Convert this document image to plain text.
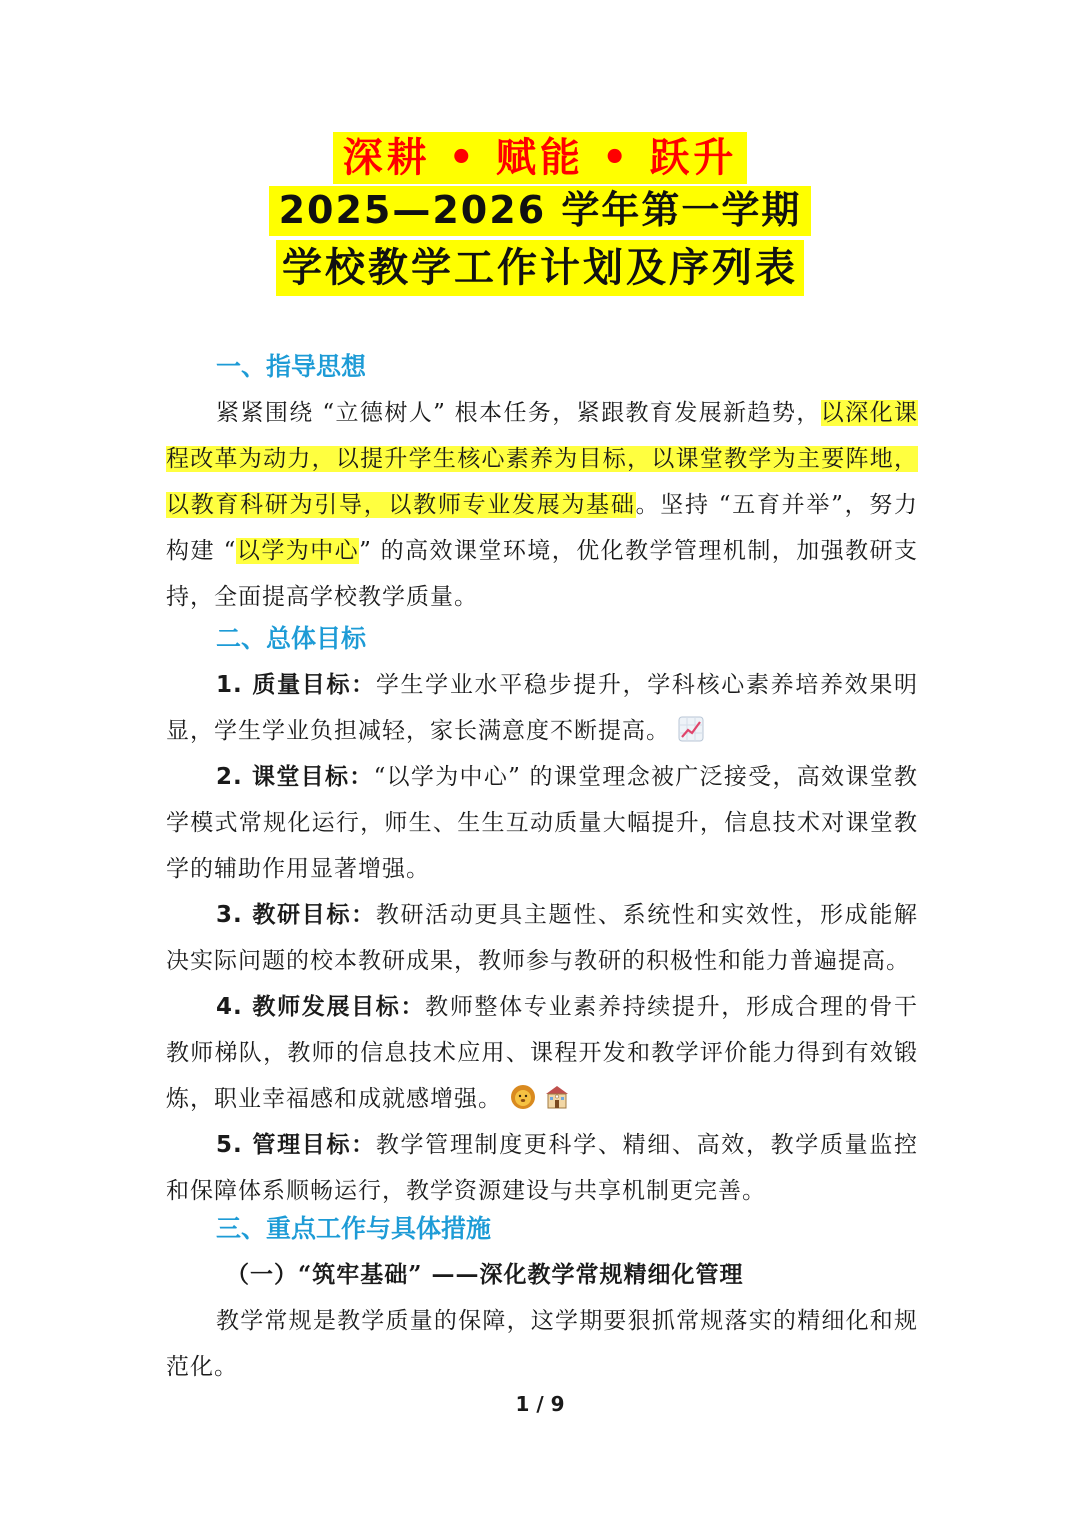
深耕 • 赋能 • 跃升
2025—2026 学年第一学期
学校教学工作计划及序列表
一、指导思想
紧紧围绕 “立德树人” 根本任务，紧跟教育发展新趋势，以深化课程改革为动力，以提升学生核心素养为目标，以课堂教学为主要阵地，以教育科研为引导，以教师专业发展为基础。坚持 “五育并举”，努力构建 “以学为中心” 的高效课堂环境，优化教学管理机制，加强教研支持，全面提高学校教学质量。
二、总体目标
1. 质量目标：学生学业水平稳步提升，学科核心素养培养效果明显，学生学业负担减轻，家长满意度不断提高。
2. 课堂目标：“以学为中心” 的课堂理念被广泛接受，高效课堂教学模式常规化运行，师生、生生互动质量大幅提升，信息技术对课堂教学的辅助作用显著增强。
3. 教研目标：教研活动更具主题性、系统性和实效性，形成能解决实际问题的校本教研成果，教师参与教研的积极性和能力普遍提高。
4. 教师发展目标：教师整体专业素养持续提升，形成合理的骨干教师梯队，教师的信息技术应用、课程开发和教学评价能力得到有效锻炼，职业幸福感和成就感增强。
5. 管理目标：教学管理制度更科学、精细、高效，教学质量监控和保障体系顺畅运行，教学资源建设与共享机制更完善。
三、重点工作与具体措施
（一）“筑牢基础” ——深化教学常规精细化管理
教学常规是教学质量的保障，这学期要狠抓常规落实的精细化和规范化。
1 / 9
